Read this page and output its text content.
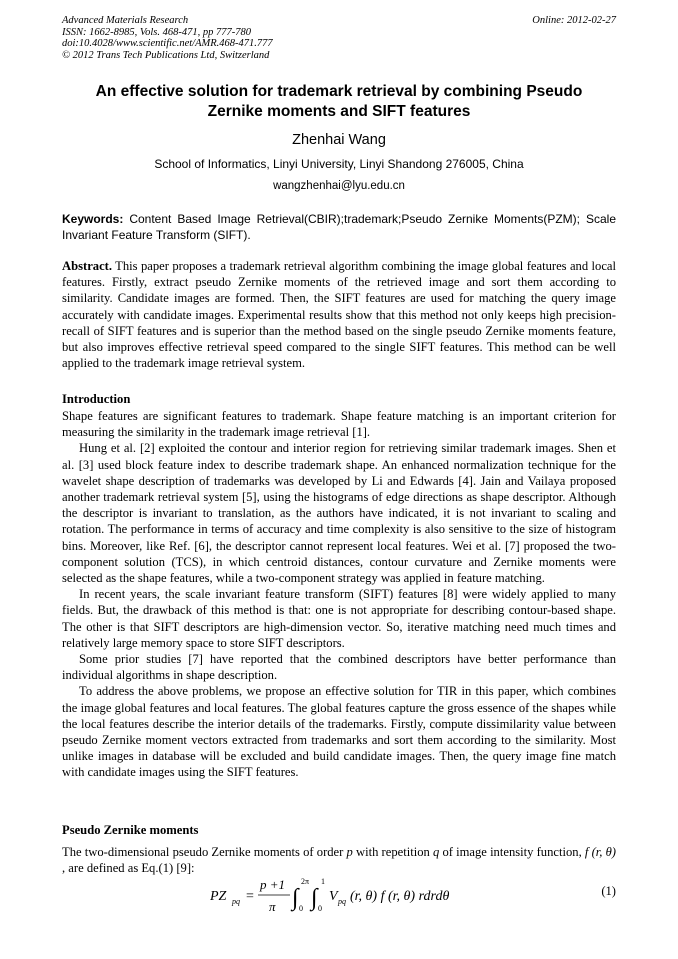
Advanced Materials Research
ISSN: 1662-8985, Vols. 468-471, pp 777-780
doi:10.4028/www.scientific.net/AMR.468-471.777
© 2012 Trans Tech Publications Ltd, Switzerland
Online: 2012-02-27
An effective solution for trademark retrieval by combining Pseudo
Zernike moments and SIFT features
Zhenhai Wang
School of Informatics, Linyi University, Linyi Shandong 276005, China
wangzhenhai@lyu.edu.cn
Keywords: Content Based Image Retrieval(CBIR);trademark;Pseudo Zernike Moments(PZM); Scale Invariant Feature Transform (SIFT).

Abstract. This paper proposes a trademark retrieval algorithm combining the image global features and local features. Firstly, extract pseudo Zernike moments of the retrieved image and sort them according to similarity. Candidate images are formed. Then, the SIFT features are used for matching the query image accurately with candidate images. Experimental results show that this method not only keeps high precision- recall of SIFT features and is superior than the method based on the single pseudo Zernike moments feature, but also improves effective retrieval speed compared to the single SIFT features. This method can be well applied to the trademark image retrieval system.

Introduction

Shape features are significant features to trademark. Shape feature matching is an important criterion for measuring the similarity in the trademark image retrieval [1].

Hung et al. [2] exploited the contour and interior region for retrieving similar trademark images. Shen et al. [3] used block feature index to describe trademark shape. An enhanced normalization technique for the wavelet shape description of trademarks was developed by Li and Edwards [4]. Jain and Vailaya proposed another trademark retrieval system [5], using the histograms of edge directions as shape descriptor. Although the descriptor is invariant to translation, as the authors have indicated, it is not invariant to scaling and rotation. The performance in terms of accuracy and time complexity is also sensitive to the size of histogram bins. Moreover, like Ref. [6], the descriptor cannot represent local features. Wei et al. [7] proposed the two-component solution (TCS), in which centroid distances, contour curvature and Zernike moments were selected as the shape features, while a two-component strategy was applied in feature matching.

In recent years, the scale invariant feature transform (SIFT) features [8] were widely applied to many fields. But, the drawback of this method is that: one is not appropriate for describing contour-based shape. The other is that SIFT descriptors are high-dimension vector. So, iterative matching need much times and relatively large memory space to store SIFT descriptors.

Some prior studies [7] have reported that the combined descriptors have better performance than individual algorithms in shape description.

To address the above problems, we propose an effective solution for TIR in this paper, which combines the image global features and local features. The global features capture the gross essence of the shapes while the local features describe the interior details of the trademarks. Firstly, compute dissimilarity value between pseudo Zernike moment vectors extracted from trademarks and sort them according to the similarity. Most unlike images in database will be excluded and build candidate images. Then, the query image fine match with candidate images using the SIFT features.

Pseudo Zernike moments

The two-dimensional pseudo Zernike moments of order p with repetition q of image intensity function, f (r, θ) , are defined as Eq.(1) [9]:

PZ pq =
p +1
π ∫
2π
0 ∫
1
0
V pq (r, θ) f (r, θ) rdrdθ	(1)
